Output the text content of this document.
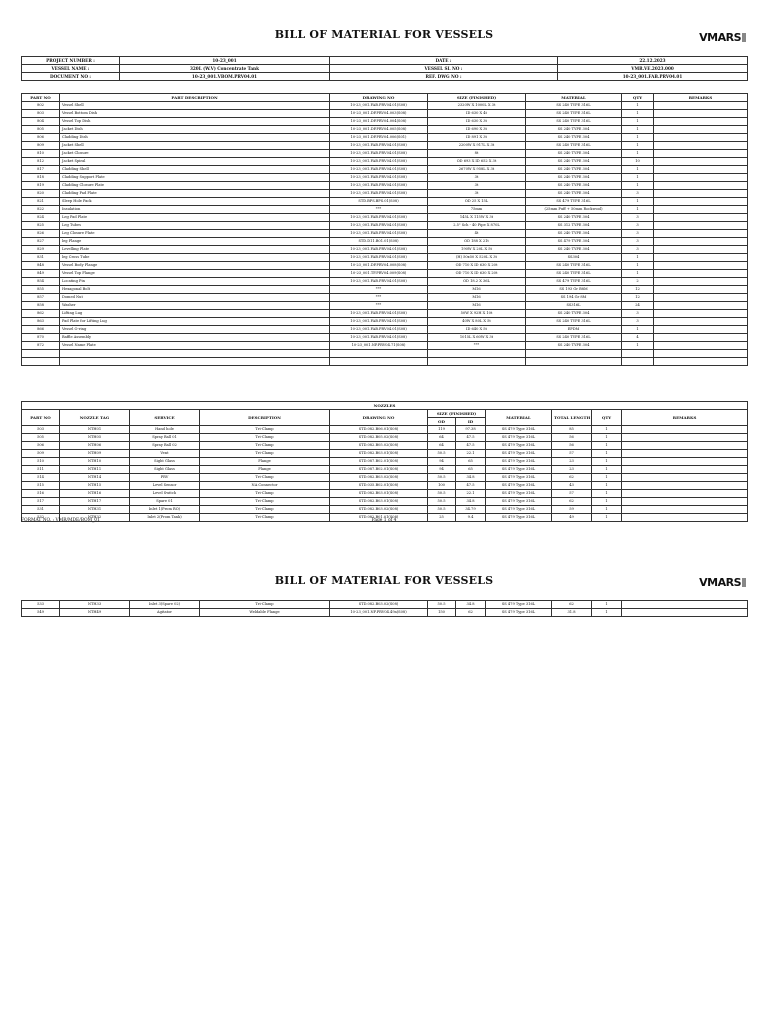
BILL OF MATERIAL FOR VESSELS	VMARS
PROJECT NUMBER :	10-23_001	DATE :	22.12.2023
VESSEL NAME :	320L (W.V) Concentrate Tank	VESSEL SL NO :	VMR.VE.2023.000
DOCUMENT NO :	10-23_001.VBOM.PRV04.01	REF. DWG NO :	10-23_001.FAB.PRV04.01
PART NO	PART DESCRIPTION	DRAWING NO	SIZE (FINISHED)	MATERIAL	QTY	REMARKS
802	Vessel Shell	10-23_001.FAB.PRV04.01(S08)	2320W X 1000L X 3t	SS 240 TYPE 316L	1	
803	Vessel Bottom Dish	10-23_001.DP.PRV04.003(S08)	ID 630 X 4t	SS 240 TYPE 316L	1	
804	Vessel Top Dish	10-23_001.DP.PRV04.004(S08)	ID 630 X 3t	SS 240 TYPE 316L	1	
805	Jacket Dish	10-23_001.DP.PRV04.005(S08)	ID 690 X 3t	SS 240 TYPE 304	1	
806	Cladding Dish	10-23_001.DP.PRV04.006(S01)	ID 891 X 3t	SS 240 TYPE 304	1	
809	Jacket Shell	10-23_001.FAB.PRV04.01(S08)	2200W X 917L X 3t	SS 240 TYPE 316L	1	
810	Jacket Closure	10-23_001.FAB.PRV04.01(S08)	8t	SS 240 TYPE 304	1	
812	Jacket Spiral	10-23_001.FAB.PRV04.01(S08)	OD 693 X ID 652 X 3t	SS 240 TYPE 304	10	
817	Cladding Shell	10-23_001.FAB.PRV04.01(S08)	2670W X 958L X 3t	SS 240 TYPE 304	1	
818	Cladding Support Plate	10-23_001.FAB.PRV04.01(S08)	3t	SS 240 TYPE 304	1	
819	Cladding Closure Plate	10-23_001.FAB.PRV04.01(S08)	3t	SS 240 TYPE 304	1	
820	Cladding Pad Plate	10-23_001.FAB.PRV04.01(S08)	3t	SS 240 TYPE 304	3	
821	Sleep Hole Pack	STD.BPS.BPS.01(S08)	OD 25 X 15L	SS 479 TYPE 316L	1	
822	Insulation	***	75mm	(25mm Puff + 50mm Rockwool)	1	
824	Leg Pad Plate	10-23_001.FAB.PRV04.01(S08)	145L X 115W X 3t	SS 240 TYPE 304	3	
825	Leg Tubes	10-23_001.FAB.PRV04.01(S08)	2.5" Sch - 40 Pipe X 870L	SS 312 TYPE 304	3	
826	Leg Closure Plate	10-23_001.FAB.PRV04.01(S08)	4t	SS 240 TYPE 304	3	
827	leg Flange	STD.D11.B01.01(S08)	OD 188 X 21t	SS 479 TYPE 304	3	
829	Levelling Plate	10-23_001.FAB.PRV04.01(S08)	190W X 20L X 5t	SS 240 TYPE 304	3	
831	leg Cross Tube	10-23_001.FAB.PRV04.01(S08)	(H) 50x50 X 520L X 3t	SS304	1	
848	Vessel Body Flange	10-23_001.DP.PRV04.008(S08)	OD 710 X ID 630 X 20t	SS 240 TYPE 316L	1	
849	Vessel Top Flange	10-23_001.TF.PRV04.009(S08)	OD 710 X ID 630 X 20t	SS 240 TYPE 316L	1	
854	Locating Pin	10-23_001.FAB.PRV04.01(S08)	OD 18.2 X 36L	SS 479 TYPE 316L	2	
855	Hexagonal Bolt	***	M16	SS 193 Gr B8M	12	
857	Domed Nut	***	M16	SS 194 Gr 8M	12	
858	Washer	***	M16	SS316L	24	
862	Lifting Lug	10-23_001.FAB.PRV04.01(S08)	50W X 92H X 10t	SS 240 TYPE 304	3	
863	Pad Plate for Lifting Lug	10-23_001.FAB.PRV04.01(S08)	40W X 80L X 5t	SS 240 TYPE 316L	3	
866	Vessel O-ring	10-23_001.FAB.PRV04.01(S08)	ID 640 X 5t	EPDM	1	
870	Baffle Assembly	10-23_001.FAB.PRV04.01(S08)	1015L X 60W X 3t	SS 240 TYPE 316L	4	
872	Vessel Name Plate	10-23_001.NP.PRV04.71(S08)	***	SS 240 TYPE 304	1	

NOZZLES										
PART NO	NOZZLE TAG	SERVICE	DESCRIPTION	DRAWING NO	SIZE (FINISHED)		MATERIAL	TOTAL LENGTH	QTY	REMARKS
					OD	ID				
503	NTH01	Hand hole	Tri-Clamp	STD.082.B06.01(S08)	119	97.38	SS 479 Type 316L	85	1	
505	NTH05	Spray Ball 01	Tri-Clamp	STD.082.B05.02(S08)	64	47.5	SS 479 Type 316L	56	1	
506	NTH06	Spray Ball 02	Tri-Clamp	STD.082.B05.02(S08)	64	47.5	SS 479 Type 316L	56	1	
509	NTH09	Vent	Tri-Clamp	STD.082.B03.01(S08)	50.5	22.1	SS 479 Type 316L	57	1	
510	NTH10	Sight Glass	Flange	STD.087.B02.01(S08)	94	65	SS 479 Type 316L	23	1	
511	NTH11	Sight Glass	Flange	STD.087.B02.01(S08)	94	65	SS 479 Type 316L	23	1	
514	NTH14	PRV	Tri-Clamp	STD.082.B03.02(S08)	50.5	34.8	SS 479 Type 316L	62	1	
515	NTH15	Level Sensor	NA Connector	STD.035.B02.01(S08)	100	47.5	SS 479 Type 316L	43	1	
516	NTH16	Level Switch	Tri-Clamp	STD.082.B03.01(S08)	50.5	22.1	SS 479 Type 316L	57	1	
517	NTH17	Spare 01	Tri-Clamp	STD.082.B03.01(S08)	50.5	34.8	SS 479 Type 316L	62	1	
531	NTH31	Inlet 1(Prom RO)	Tri-Clamp	STD.082.B03.02(S08)	50.5	34.79	SS 479 Type 316L	59	1	
532	NTH32	Inlet 2(From Tank)	Tri-Clamp	STD.082.B01.01(S08)	25	9.4	SS 479 Type 316L	49	1	
FORMAT NO. : VMR/MDE/BOM_01	Page 1 of 4
BILL OF MATERIAL FOR VESSELS	VMARS
533	NTH33	Inlet 3(Spare 02)	Tri-Clamp	STD.082.B03.02(S08)	50.5	34.8	SS 479 Type 316L	62	1	
549	NTH49	Agitator	Weldable Flange	10-23_001.NF.PRV04.49a(S08)	150	62	SS 479 Type 316L	31.8	1	
